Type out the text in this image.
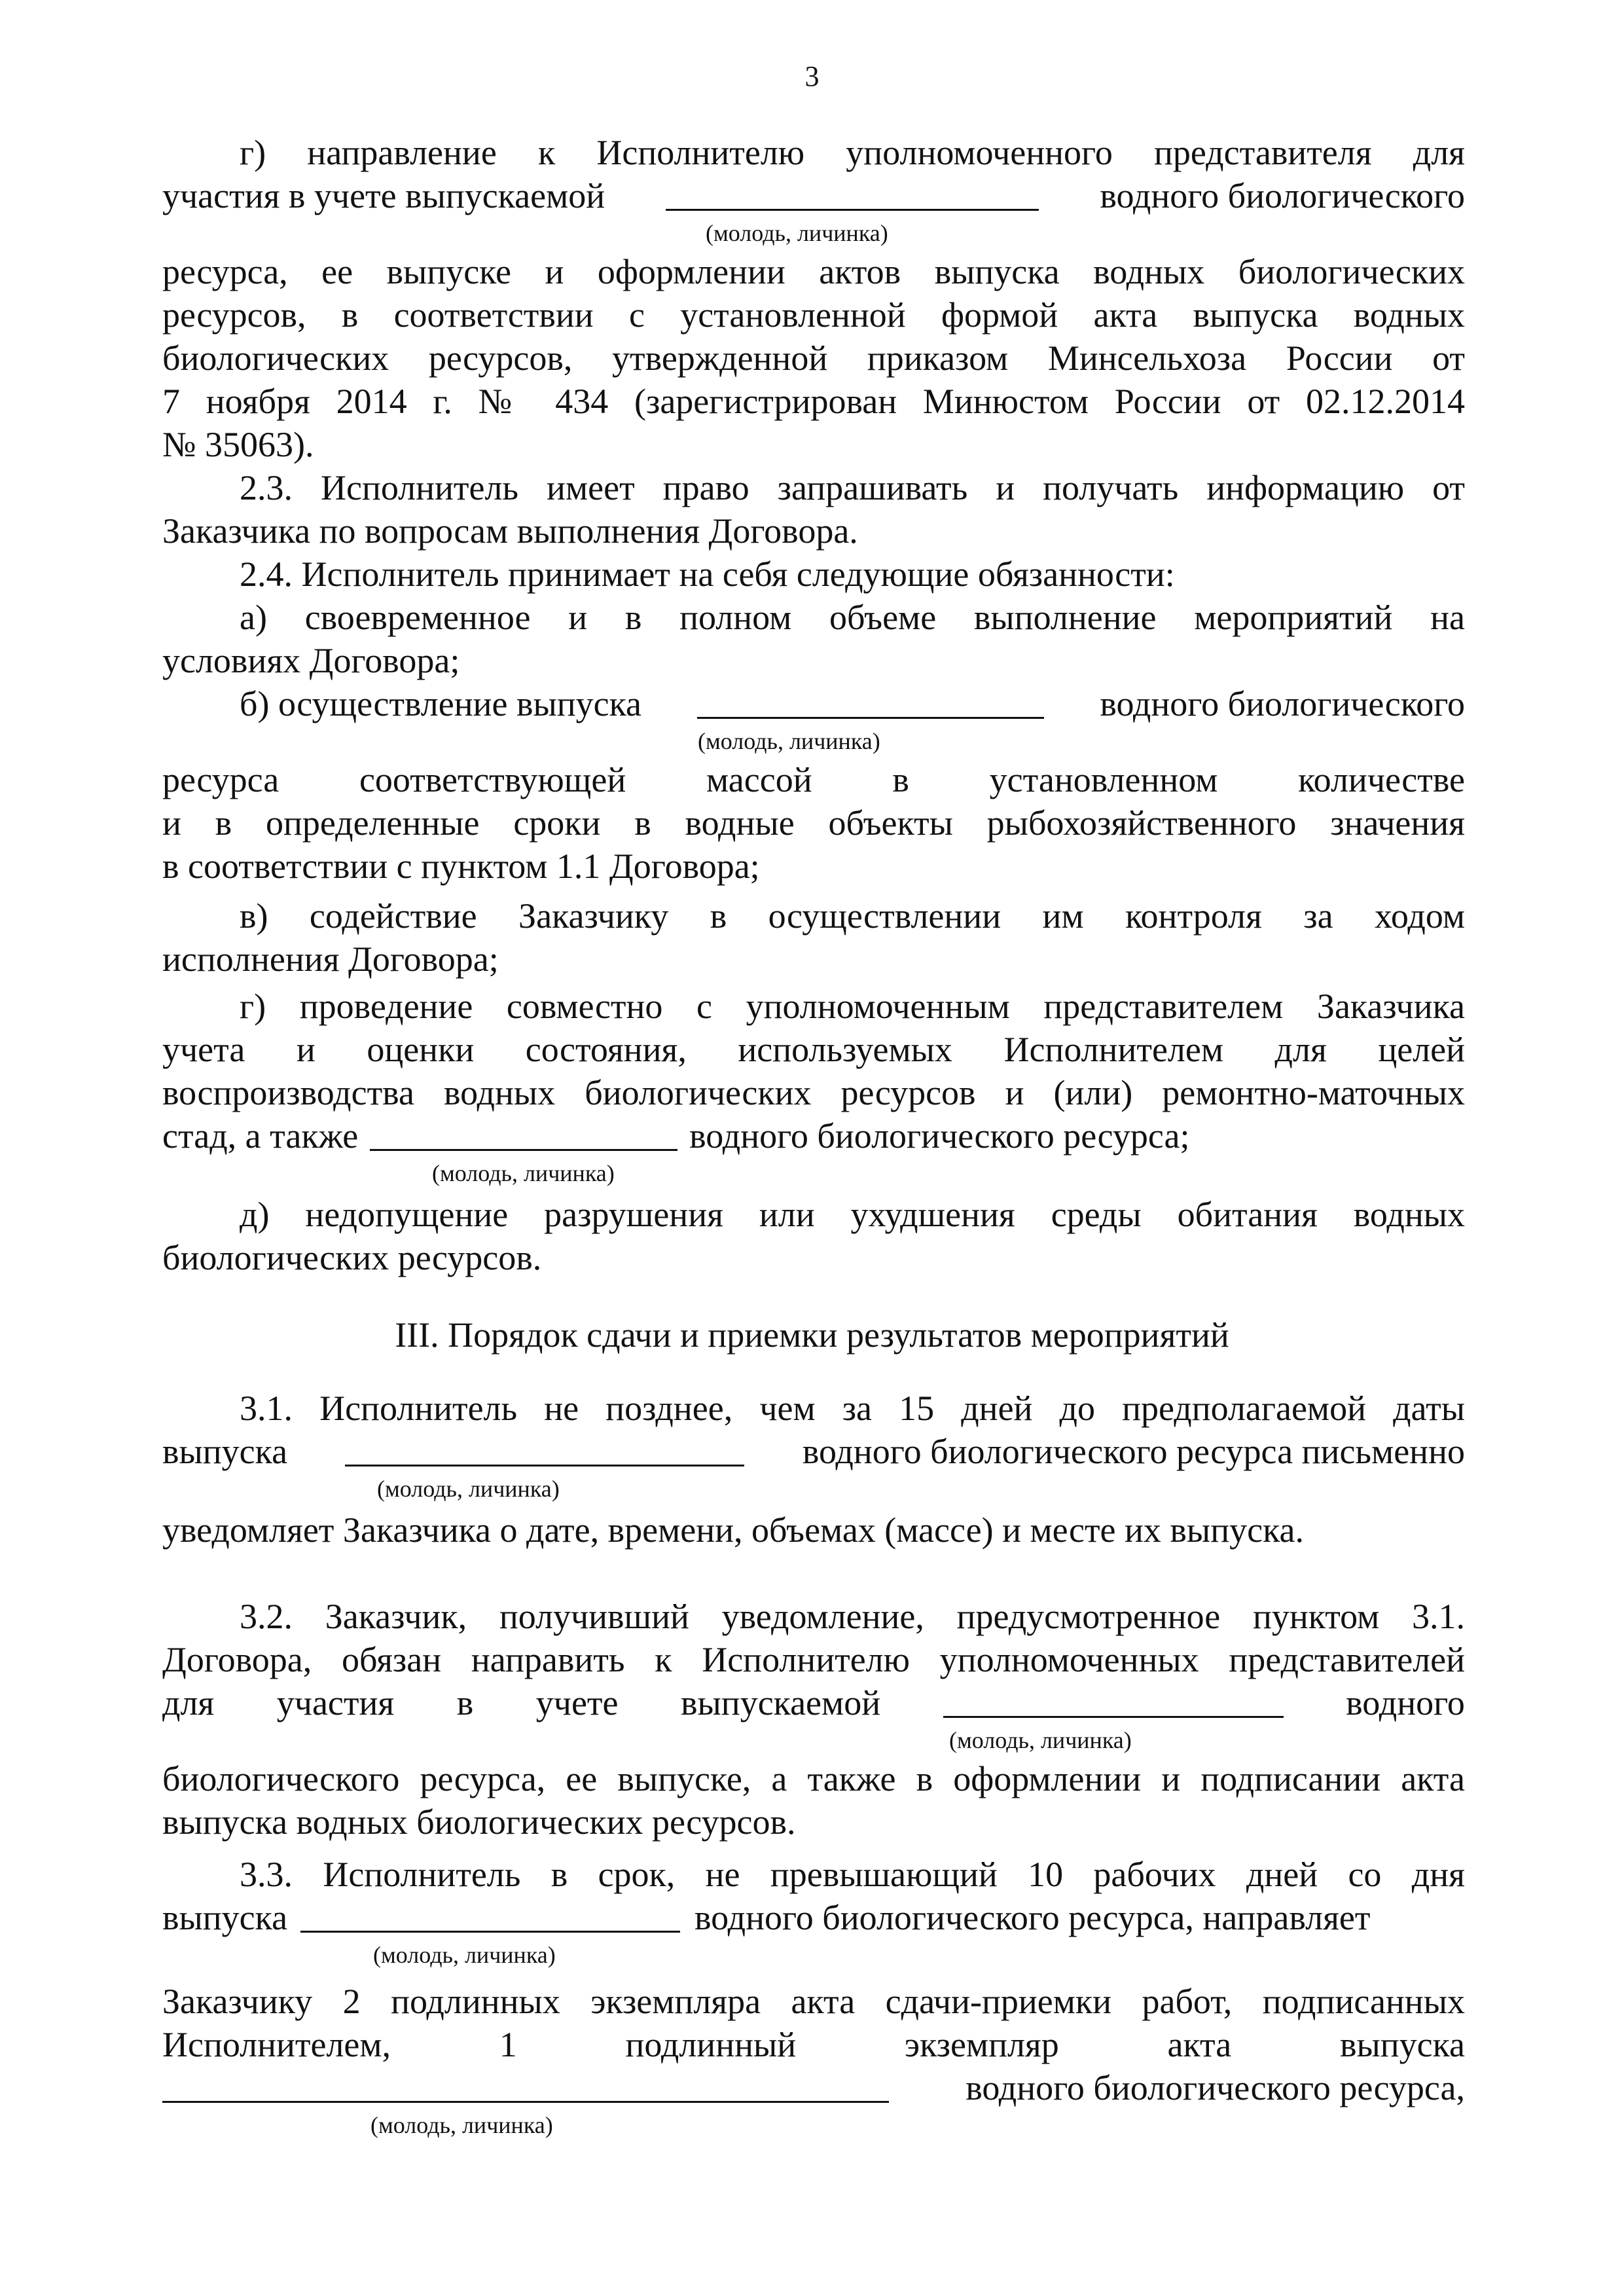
3
г) направление к Исполнителю уполномоченного представителя для
участия в учете выпускаемой	водного биологического
(молодь, личинка)
ресурса, ее выпуске и оформлении актов выпуска водных биологических
ресурсов, в соответствии с установленной формой акта выпуска водных
биологических ресурсов, утвержденной приказом Минсельхоза России от
7 ноября 2014 г. № 434 (зарегистрирован Минюстом России от 02.12.2014
№ 35063).
2.3. Исполнитель имеет право запрашивать и получать информацию от
Заказчика по вопросам выполнения Договора.
2.4. Исполнитель принимает на себя следующие обязанности:
а) своевременное и в полном объеме выполнение мероприятий на
условиях Договора;
б) осуществление выпуска	водного биологического
(молодь, личинка)
ресурса соответствующей массой в установленном количестве
и в определенные сроки в водные объекты рыбохозяйственного значения
в соответствии с пунктом 1.1 Договора;
в) содействие Заказчику в осуществлении им контроля за ходом
исполнения Договора;
г) проведение совместно с уполномоченным представителем Заказчика
учета и оценки состояния, используемых Исполнителем для целей
воспроизводства водных биологических ресурсов и (или) ремонтно-маточных
стад, а также	водного биологического ресурса;
(молодь, личинка)
д) недопущение разрушения или ухудшения среды обитания водных
биологических ресурсов.
III. Порядок сдачи и приемки результатов мероприятий
3.1. Исполнитель не позднее, чем за 15 дней до предполагаемой даты
выпуска	водного биологического ресурса письменно
(молодь, личинка)
уведомляет Заказчика о дате, времени, объемах (массе) и месте их выпуска.
3.2. Заказчик, получивший уведомление, предусмотренное пунктом 3.1.
Договора, обязан направить к Исполнителю уполномоченных представителей
для участия в учете выпускаемой	водного
(молодь, личинка)
биологического ресурса, ее выпуске, а также в оформлении и подписании акта
выпуска водных биологических ресурсов.
3.3. Исполнитель в срок, не превышающий 10 рабочих дней со дня
выпуска	водного биологического ресурса, направляет
(молодь, личинка)
Заказчику 2 подлинных экземпляра акта сдачи-приемки работ, подписанных
Исполнителем,	1	подлинный	экземпляр	акта	выпуска
водного биологического ресурса,
(молодь, личинка)
